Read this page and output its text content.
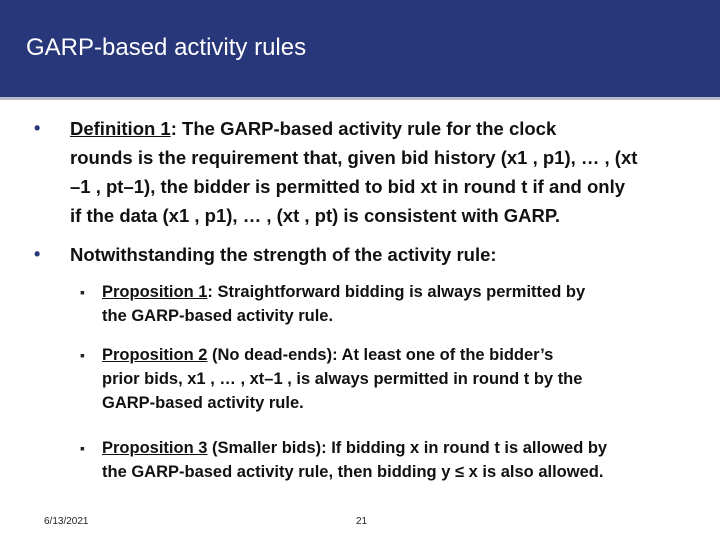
GARP-based activity rules
• Definition 1: The GARP-based activity rule for the clock
rounds is the requirement that, given bid history (x1 , p1), … , (xt
–1 , pt–1), the bidder is permitted to bid xt in round t if and only
if the data (x1 , p1), … , (xt , pt) is consistent with GARP.
• Notwithstanding the strength of the activity rule:
▪ Proposition 1: Straightforward bidding is always permitted by
the GARP-based activity rule.
▪ Proposition 2 (No dead-ends): At least one of the bidder’s
prior bids, x1 , … , xt–1 , is always permitted in round t by the
GARP-based activity rule.
▪ Proposition 3 (Smaller bids): If bidding x in round t is allowed by
the GARP-based activity rule, then bidding y ≤ x is also allowed.
6/13/2021	21
